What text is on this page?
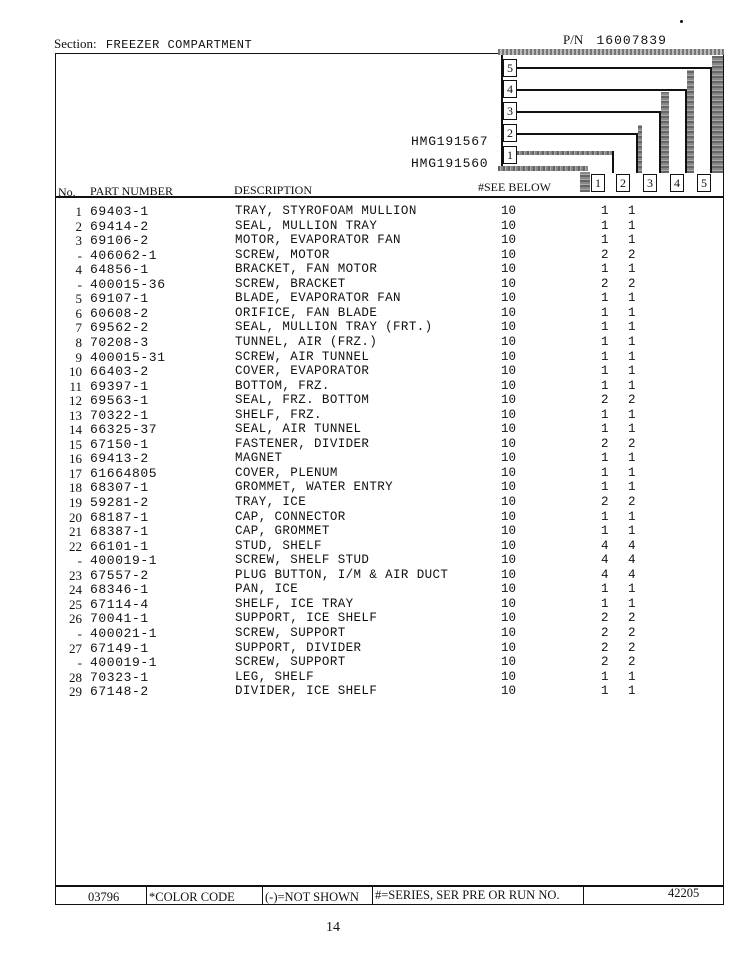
Section: FREEZER COMPARTMENT	P/N 16007839
HMG191567
HMG191560
5
4
3
2
1
1	2	3	4	5
No. PART NUMBER	DESCRIPTION	#SEE BELOW
1 69403-1	TRAY, STYROFOAM MULLION	10	1 1
2 69414-2	SEAL, MULLION TRAY	10	1 1
3 69106-2	MOTOR, EVAPORATOR FAN	10	1 1
- 406062-1	SCREW, MOTOR	10	2 2
4 64856-1	BRACKET, FAN MOTOR	10	1 1
- 400015-36	SCREW, BRACKET	10	2 2
5 69107-1	BLADE, EVAPORATOR FAN	10	1 1
6 60608-2	ORIFICE, FAN BLADE	10	1 1
7 69562-2	SEAL, MULLION TRAY (FRT.)	10	1 1
8 70208-3	TUNNEL, AIR (FRZ.)	10	1 1
9 400015-31	SCREW, AIR TUNNEL	10	1 1
10 66403-2	COVER, EVAPORATOR	10	1 1
11 69397-1	BOTTOM, FRZ.	10	1 1
12 69563-1	SEAL, FRZ. BOTTOM	10	2 2
13 70322-1	SHELF, FRZ.	10	1 1
14 66325-37	SEAL, AIR TUNNEL	10	1 1
15 67150-1	FASTENER, DIVIDER	10	2 2
16 69413-2	MAGNET	10	1 1
17 61664805	COVER, PLENUM	10	1 1
18 68307-1	GROMMET, WATER ENTRY	10	1 1
19 59281-2	TRAY, ICE	10	2 2
20 68187-1	CAP, CONNECTOR	10	1 1
21 68387-1	CAP, GROMMET	10	1 1
22 66101-1	STUD, SHELF	10	4 4
- 400019-1	SCREW, SHELF STUD	10	4 4
23 67557-2	PLUG BUTTON, I/M & AIR DUCT	10	4 4
24 68346-1	PAN, ICE	10	1 1
25 67114-4	SHELF, ICE TRAY	10	1 1
26 70041-1	SUPPORT, ICE SHELF	10	2 2
- 400021-1	SCREW, SUPPORT	10	2 2
27 67149-1	SUPPORT, DIVIDER	10	2 2
- 400019-1	SCREW, SUPPORT	10	2 2
28 70323-1	LEG, SHELF	10	1 1
29 67148-2	DIVIDER, ICE SHELF	10	1 1
03796 *COLOR CODE (-)=NOT SHOWN #=SERIES, SER PRE OR RUN NO.	42205
14
